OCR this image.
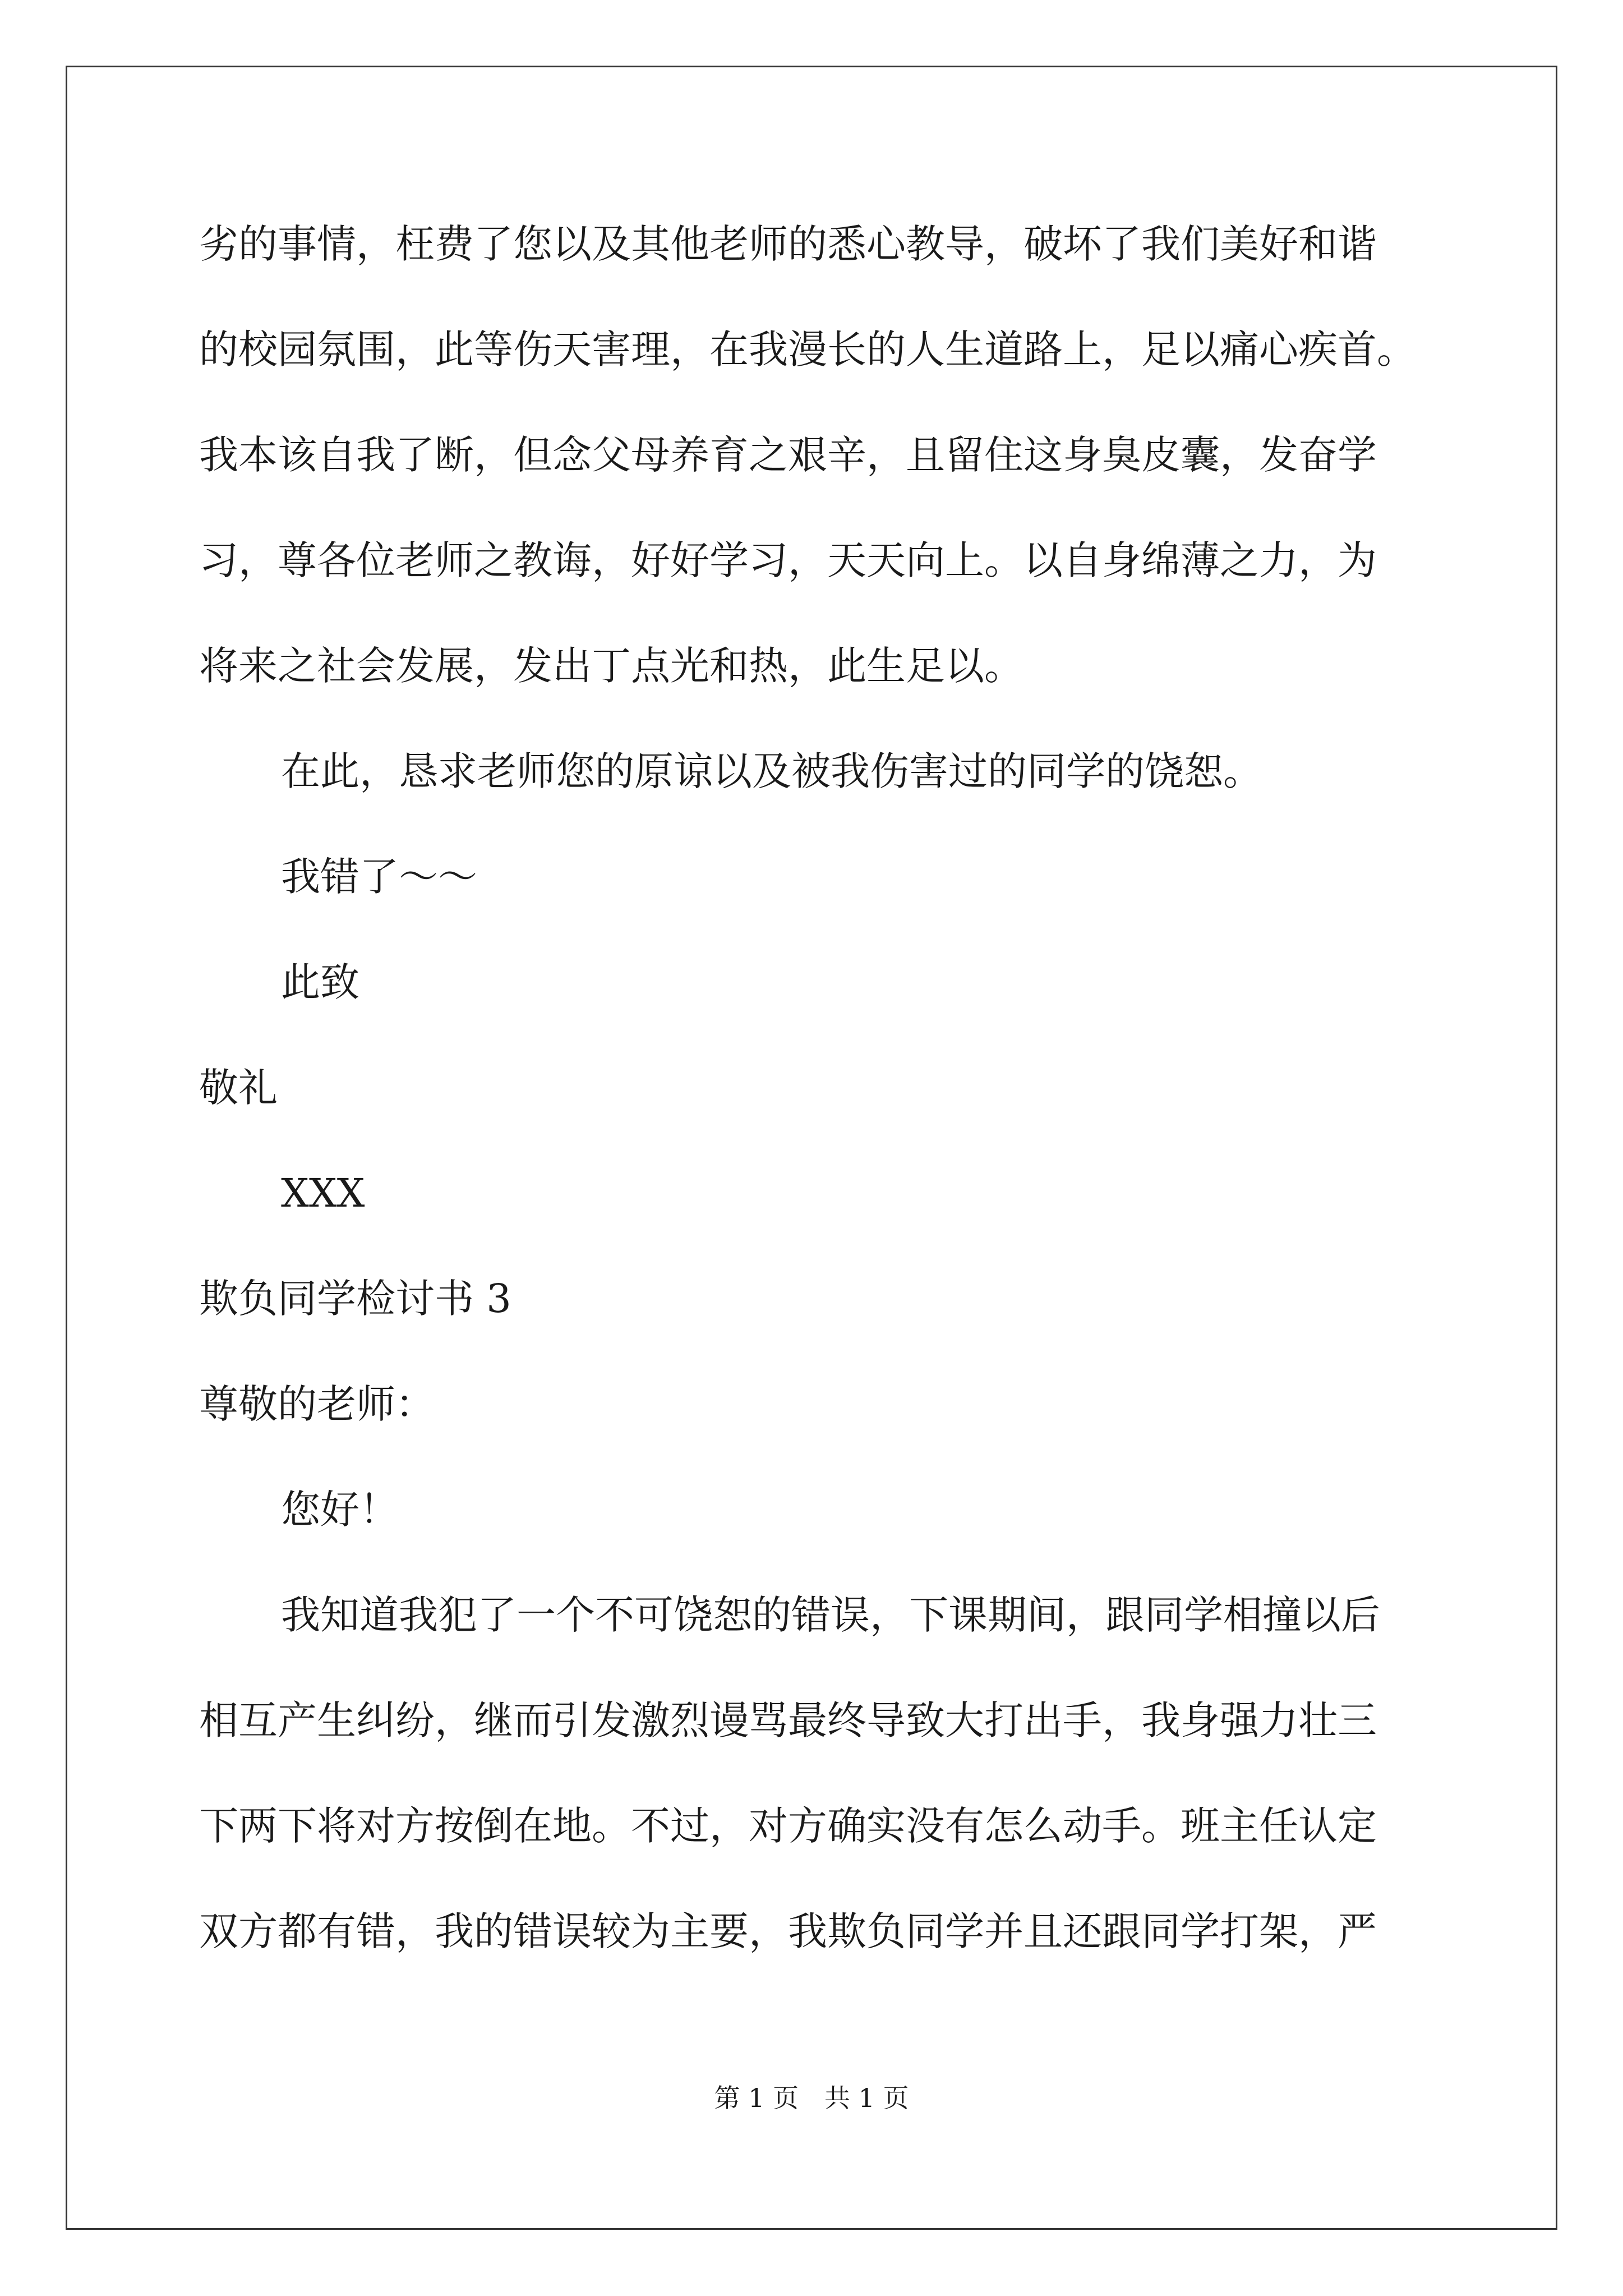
劣的事情，枉费了您以及其他老师的悉心教导，破坏了我们美好和谐
的校园氛围，此等伤天害理，在我漫长的人生道路上，足以痛心疾首。
我本该自我了断，但念父母养育之艰辛，且留住这身臭皮囊，发奋学
习，尊各位老师之教诲，好好学习，天天向上。以自身绵薄之力，为
将来之社会发展，发出丁点光和热，此生足以。
在此，恳求老师您的原谅以及被我伤害过的同学的饶恕。
我错了～～
此致
敬礼
XXX
欺负同学检讨书 3
尊敬的老师：
您好！
我知道我犯了一个不可饶恕的错误，下课期间，跟同学相撞以后
相互产生纠纷，继而引发激烈谩骂最终导致大打出手，我身强力壮三
下两下将对方按倒在地。不过，对方确实没有怎么动手。班主任认定
双方都有错，我的错误较为主要，我欺负同学并且还跟同学打架，严
第 1 页　共 1 页
